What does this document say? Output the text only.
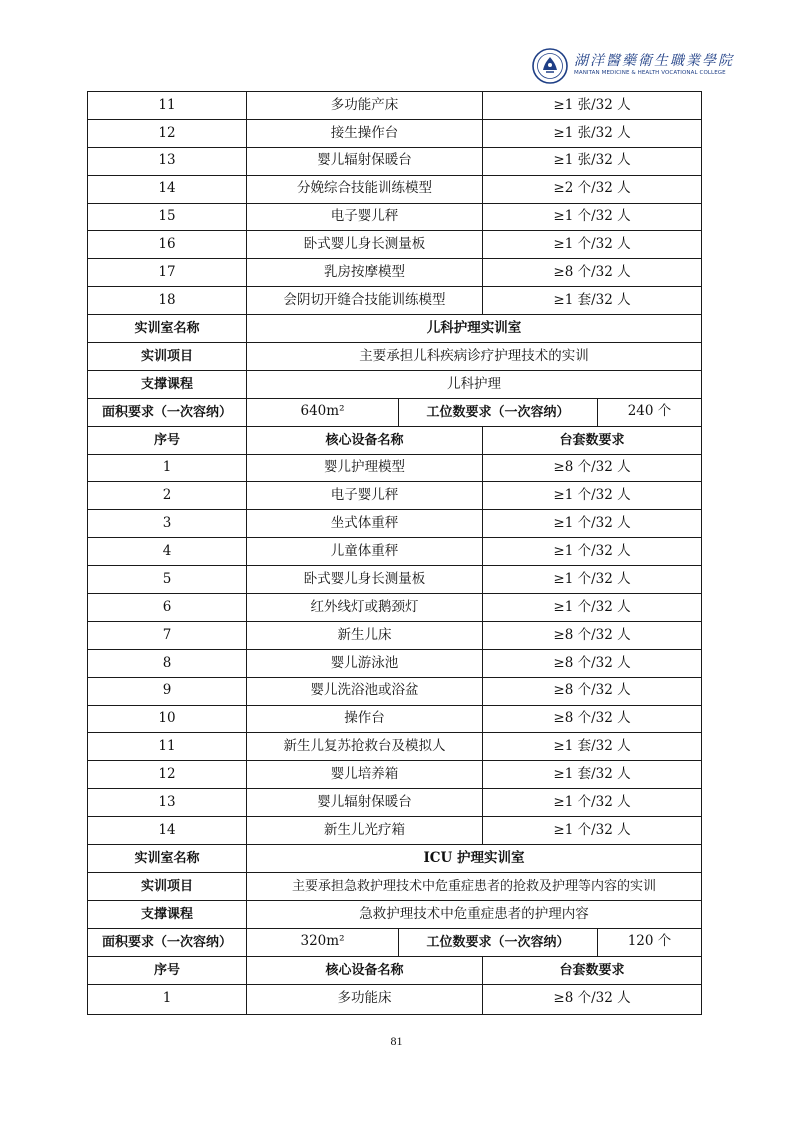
湖洋醫藥衛生職業學院
MANITAN MEDICINE & HEALTH VOCATIONAL COLLEGE
11	多功能产床		≥1 张/32 人	
12	接生操作台		≥1 张/32 人	
13	婴儿辐射保暖台		≥1 张/32 人	
14	分娩综合技能训练模型		≥2 个/32 人	
15	电子婴儿秤		≥1 个/32 人	
16	卧式婴儿身长测量板		≥1 个/32 人	
17	乳房按摩模型		≥8 个/32 人	
18	会阴切开缝合技能训练模型		≥1 套/32 人	
实训室名称	儿科护理实训室			
实训项目	主要承担儿科疾病诊疗护理技术的实训			
支撑课程	儿科护理			
面积要求（一次容纳）	640m²	工位数要求（一次容纳）		240 个
序号	核心设备名称		台套数要求	
1	婴儿护理模型		≥8 个/32 人	
2	电子婴儿秤		≥1 个/32 人	
3	坐式体重秤		≥1 个/32 人	
4	儿童体重秤		≥1 个/32 人	
5	卧式婴儿身长测量板		≥1 个/32 人	
6	红外线灯或鹅颈灯		≥1 个/32 人	
7	新生儿床		≥8 个/32 人	
8	婴儿游泳池		≥8 个/32 人	
9	婴儿洗浴池或浴盆		≥8 个/32 人	
10	操作台		≥8 个/32 人	
11	新生儿复苏抢救台及模拟人		≥1 套/32 人	
12	婴儿培养箱		≥1 套/32 人	
13	婴儿辐射保暖台		≥1 个/32 人	
14	新生儿光疗箱		≥1 个/32 人	
实训室名称	ICU 护理实训室			
实训项目	主要承担急救护理技术中危重症患者的抢救及护理等内容的实训			
支撑课程	急救护理技术中危重症患者的护理内容			
面积要求（一次容纳）	320m²	工位数要求（一次容纳）		120 个
序号	核心设备名称		台套数要求	
1	多功能床		≥8 个/32 人	
81
